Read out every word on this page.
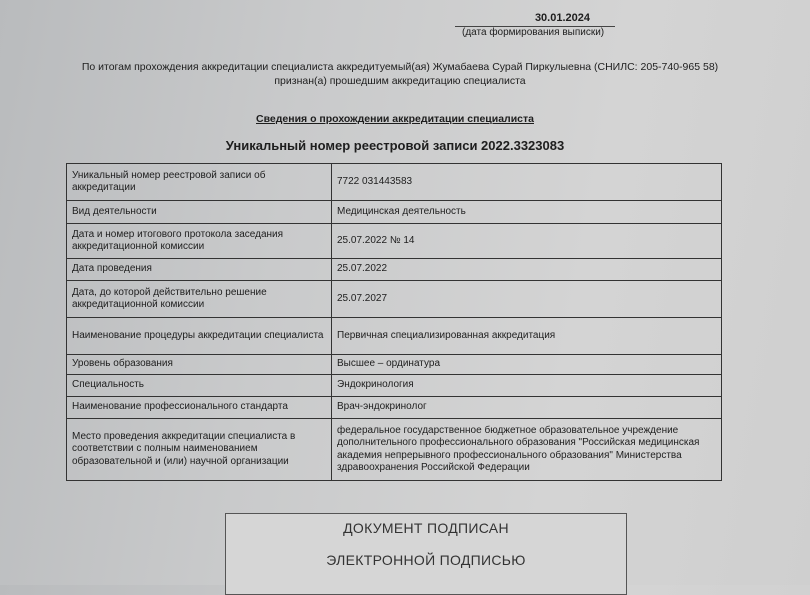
30.01.2024
(дата формирования выписки)
По итогам прохождения аккредитации специалиста аккредитуемый(ая) Жумабаева Сурай Пиркулыевна (СНИЛС: 205-740-965 58) признан(а) прошедшим аккредитацию специалиста
Сведения о прохождении аккредитации специалиста
Уникальный номер реестровой записи 2022.3323083
Уникальный номер реестровой записи об аккредитации	7722 031443583
Вид деятельности	Медицинская деятельность
Дата и номер итогового протокола заседания аккредитационной комиссии	25.07.2022 № 14
Дата проведения	25.07.2022
Дата, до которой действительно решение аккредитационной комиссии	25.07.2027
Наименование процедуры аккредитации специалиста	Первичная специализированная аккредитация
Уровень образования	Высшее – ординатура
Специальность	Эндокринология
Наименование профессионального стандарта	Врач-эндокринолог
Место проведения аккредитации специалиста в соответствии с полным наименованием образовательной и (или) научной организации	федеральное государственное бюджетное образовательное учреждение дополнительного профессионального образования "Российская медицинская академия непрерывного профессионального образования" Министерства здравоохранения Российской Федерации
ДОКУМЕНТ ПОДПИСАН
ЭЛЕКТРОННОЙ ПОДПИСЬЮ
